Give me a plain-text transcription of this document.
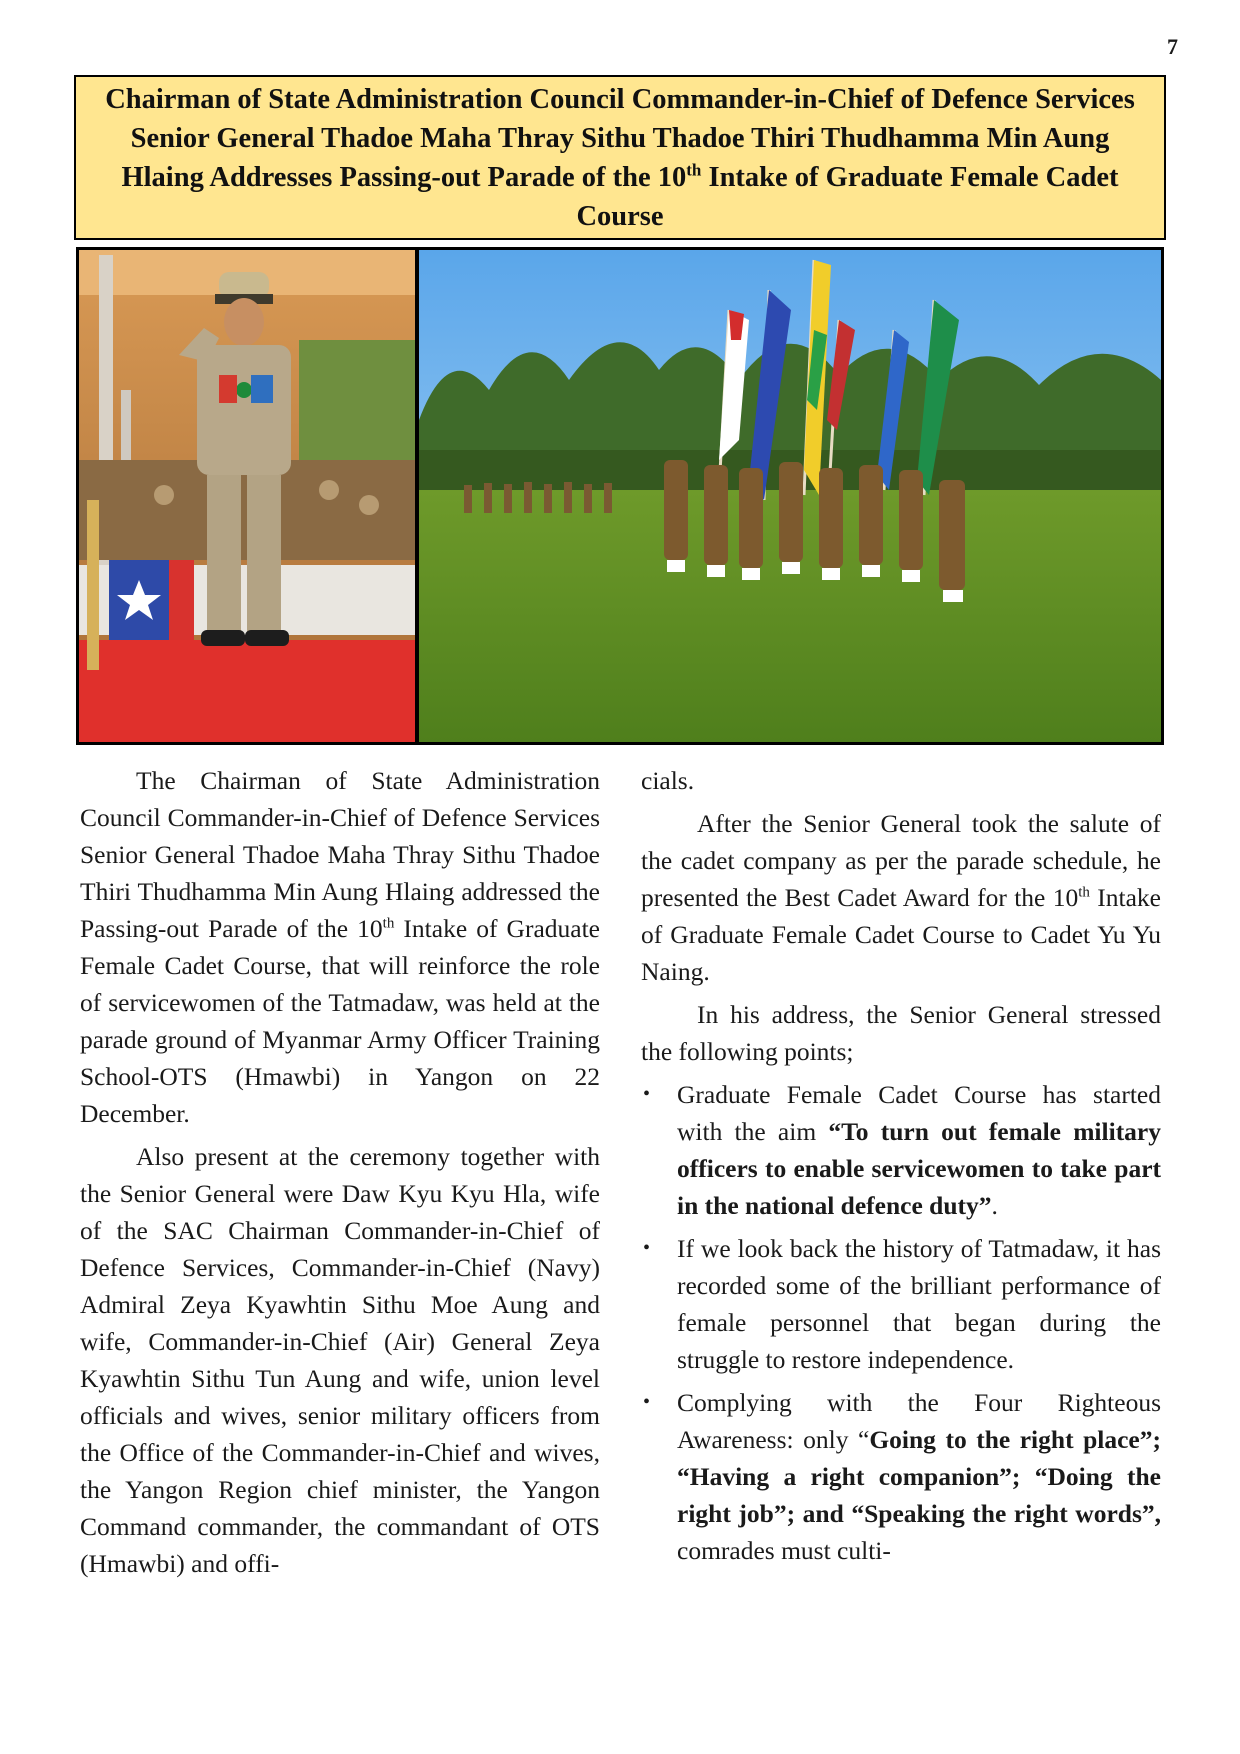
7
Chairman of State Administration Council Commander-in-Chief of Defence Services Senior General Thadoe Maha Thray Sithu Thadoe Thiri Thudhamma Min Aung Hlaing Addresses Passing-out Parade of the 10th Intake of Graduate Female Cadet Course

The Chairman of State Administration Council Commander-in-Chief of Defence Services Senior General Thadoe Maha Thray Sithu Thadoe Thiri Thudhamma Min Aung Hlaing addressed the Passing-out Parade of the 10th Intake of Graduate Female Cadet Course, that will reinforce the role of servicewomen of the Tatmadaw, was held at the parade ground of Myanmar Army Officer Training School-OTS (Hmawbi) in Yangon on 22 December.

Also present at the ceremony together with the Senior General were Daw Kyu Kyu Hla, wife of the SAC Chairman Commander-in-Chief of Defence Services, Commander-in-Chief (Navy) Admiral Zeya Kyawhtin Sithu Moe Aung and wife, Commander-in-Chief (Air) General Zeya Kyawhtin Sithu Tun Aung and wife, union level officials and wives, senior military officers from the Office of the Commander-in-Chief and wives, the Yangon Region chief minister, the Yangon Command commander, the commandant of OTS (Hmawbi) and offi-

cials.

After the Senior General took the salute of the cadet company as per the parade schedule, he presented the Best Cadet Award for the 10th Intake of Graduate Female Cadet Course to Cadet Yu Yu Naing.

In his address, the Senior General stressed the following points;

• Graduate Female Cadet Course has started with the aim “To turn out female military officers to enable servicewomen to take part in the national defence duty”.
• If we look back the history of Tatmadaw, it has recorded some of the brilliant performance of female personnel that began during the struggle to restore independence.
• Complying with the Four Righteous Awareness: only “Going to the right place”; “Having a right companion”; “Doing the right job”; and “Speaking the right words”, comrades must culti-
